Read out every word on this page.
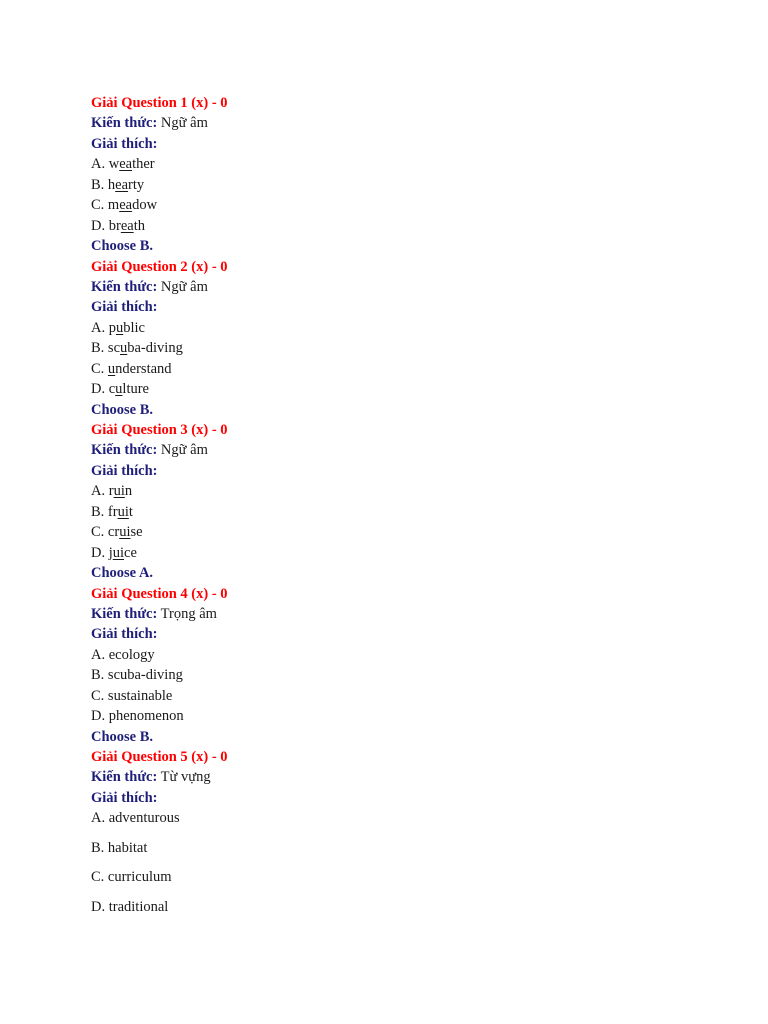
Giải Question 1 (x) - 0
Kiến thức: Ngữ âm
Giải thích:
A. weather
B. hearty
C. meadow
D. breath
Choose B.
Giải Question 2 (x) - 0
Kiến thức: Ngữ âm
Giải thích:
A. public
B. scuba-diving
C. understand
D. culture
Choose B.
Giải Question 3 (x) - 0
Kiến thức: Ngữ âm
Giải thích:
A. ruin
B. fruit
C. cruise
D. juice
Choose A.
Giải Question 4 (x) - 0
Kiến thức: Trọng âm
Giải thích:
A. ecology
B. scuba-diving
C. sustainable
D. phenomenon
Choose B.
Giải Question 5 (x) - 0
Kiến thức: Từ vựng
Giải thích:
A. adventurous
B. habitat
C. curriculum
D. traditional
